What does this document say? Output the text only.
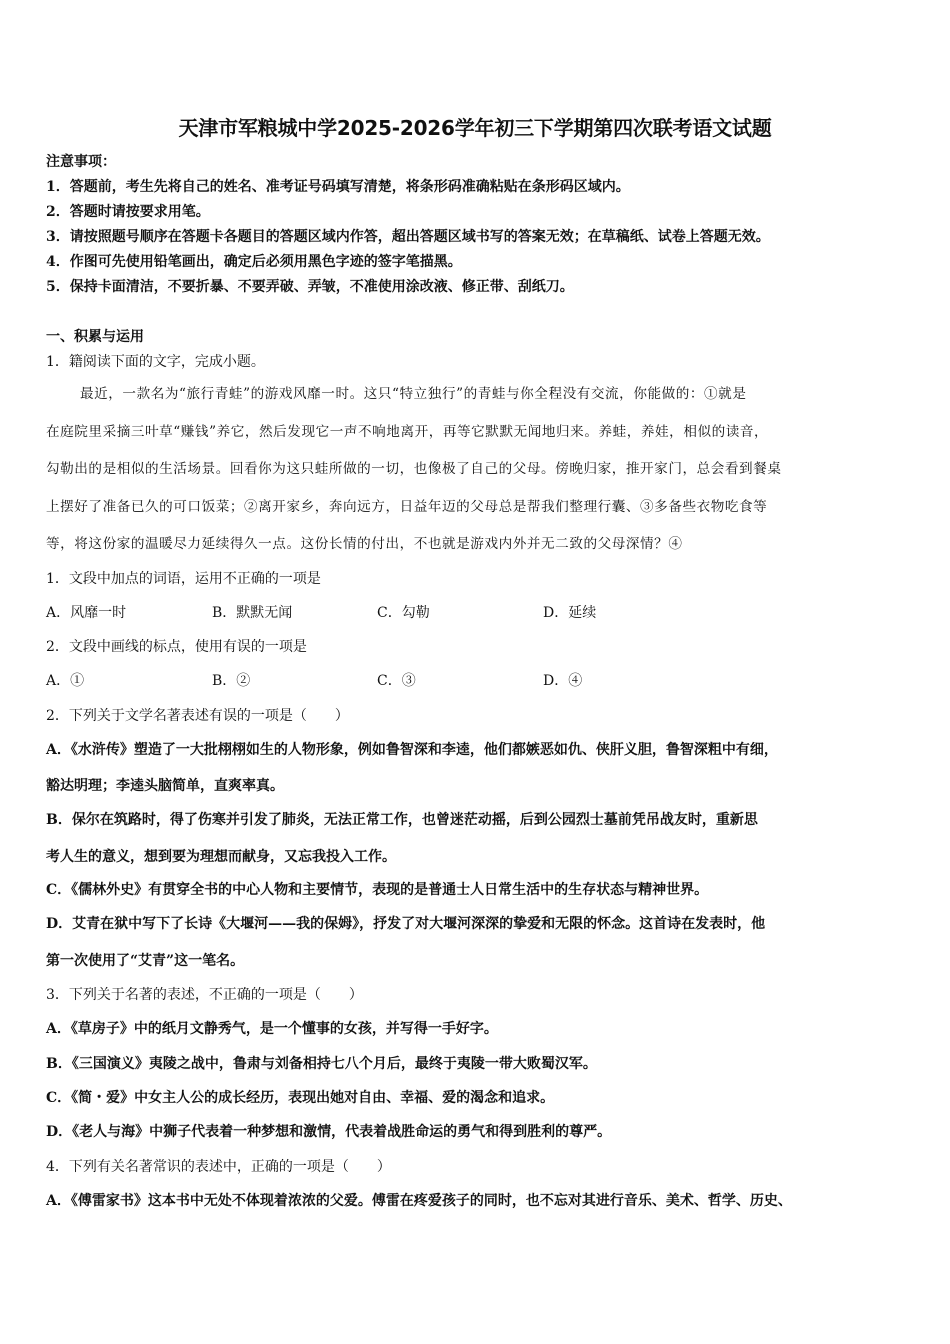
天津市军粮城中学2025-2026学年初三下学期第四次联考语文试题
注意事项：
1．答题前，考生先将自己的姓名、准考证号码填写清楚，将条形码准确粘贴在条形码区域内。
2．答题时请按要求用笔。
3．请按照题号顺序在答题卡各题目的答题区域内作答，超出答题区域书写的答案无效；在草稿纸、试卷上答题无效。
4．作图可先使用铅笔画出，确定后必须用黑色字迹的签字笔描黑。
5．保持卡面清洁，不要折暴、不要弄破、弄皱，不准使用涂改液、修正带、刮纸刀。
一、积累与运用
1．籍阅读下面的文字，完成小题。
最近，一款名为“旅行青蛙”的游戏风靡一时。这只“特立独行”的青蛙与你全程没有交流，你能做的：①就是
在庭院里采摘三叶草“赚钱”养它，然后发现它一声不响地离开，再等它默默无闻地归来。养蛙，养娃，相似的读音，
勾勒出的是相似的生活场景。回看你为这只蛙所做的一切，也像极了自己的父母。傍晚归家，推开家门，总会看到餐桌
上摆好了准备已久的可口饭菜；②离开家乡，奔向远方，日益年迈的父母总是帮我们整理行囊、③多备些衣物吃食等
等，将这份家的温暖尽力延续得久一点。这份长情的付出，不也就是游戏内外并无二致的父母深情？④
1．文段中加点的词语，运用不正确的一项是
A．风靡一时	B．默默无闻	C．勾勒	D．延续
2．文段中画线的标点，使用有误的一项是
A．①	B．②	C．③	D．④
2．下列关于文学名著表述有误的一项是（　　）
A．《水浒传》塑造了一大批栩栩如生的人物形象，例如鲁智深和李逵，他们都嫉恶如仇、侠肝义胆，鲁智深粗中有细，
豁达明理；李逵头脑简单，直爽率真。
B．保尔在筑路时，得了伤寒并引发了肺炎，无法正常工作，也曾迷茫动摇，后到公园烈士墓前凭吊战友时，重新思
考人生的意义，想到要为理想而献身，又忘我投入工作。
C．《儒林外史》有贯穿全书的中心人物和主要情节，表现的是普通士人日常生活中的生存状态与精神世界。
D．艾青在狱中写下了长诗《大堰河——我的保姆》，抒发了对大堰河深深的挚爱和无限的怀念。这首诗在发表时，他
第一次使用了“艾青”这一笔名。
3．下列关于名著的表述，不正确的一项是（　　）
A．《草房子》中的纸月文静秀气，是一个懂事的女孩，并写得一手好字。
B．《三国演义》夷陵之战中，鲁肃与刘备相持七八个月后，最终于夷陵一带大败蜀汉军。
C．《简・爱》中女主人公的成长经历，表现出她对自由、幸福、爱的渴念和追求。
D．《老人与海》中狮子代表着一种梦想和激情，代表着战胜命运的勇气和得到胜利的尊严。
4．下列有关名著常识的表述中，正确的一项是（　　）
A．《傅雷家书》这本书中无处不体现着浓浓的父爱。傅雷在疼爱孩子的同时，也不忘对其进行音乐、美术、哲学、历史、
